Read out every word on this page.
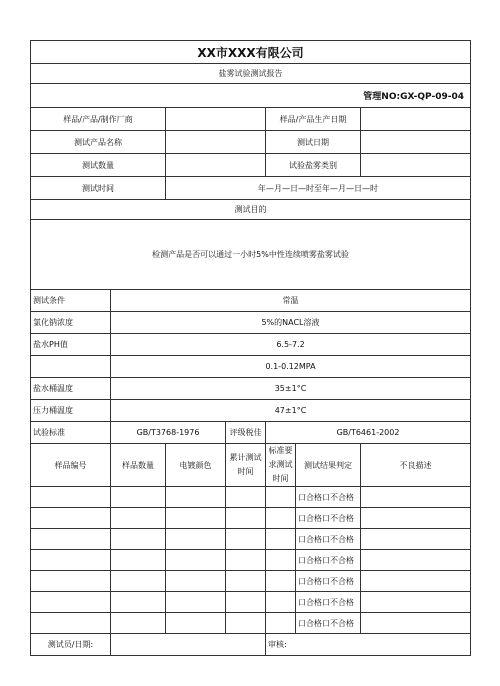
XX市XXX有限公司						
盐雾试验测试报告						
管理NO:GX-QP-09-04						
样品/产品/制作厂商				样品/产品生产日期		
测试产品名称				测试日期		
测试数量				试验盐雾类别		
测试时间		年—月—日—时至年—月—日—时				
测试目的						
检测产品是否可以通过一小时5%中性连续喷雾盐雾试验						
测试条件	常温					
氯化钠浓度	5%的NACL溶液					
盐水PH值	6.5-7.2					
	0.1-0.12MPA					
盐水桶温度	35±1°C					
压力桶温度	47±1°C					
试验标准	GB/T3768-1976		评级税佳	GB/T6461-2002		
样品编号	样品数量	电镀颜色	累计测试时间	标准要求测试时间	测试结果判定	不良描述
					口合格口不合格	
					口合格口不合格	
					口合格口不合格	
					口合格口不合格	
					口合格口不合格	
					口合格口不合格	
					口合格口不合格	
测试员/日期:				审核:		
